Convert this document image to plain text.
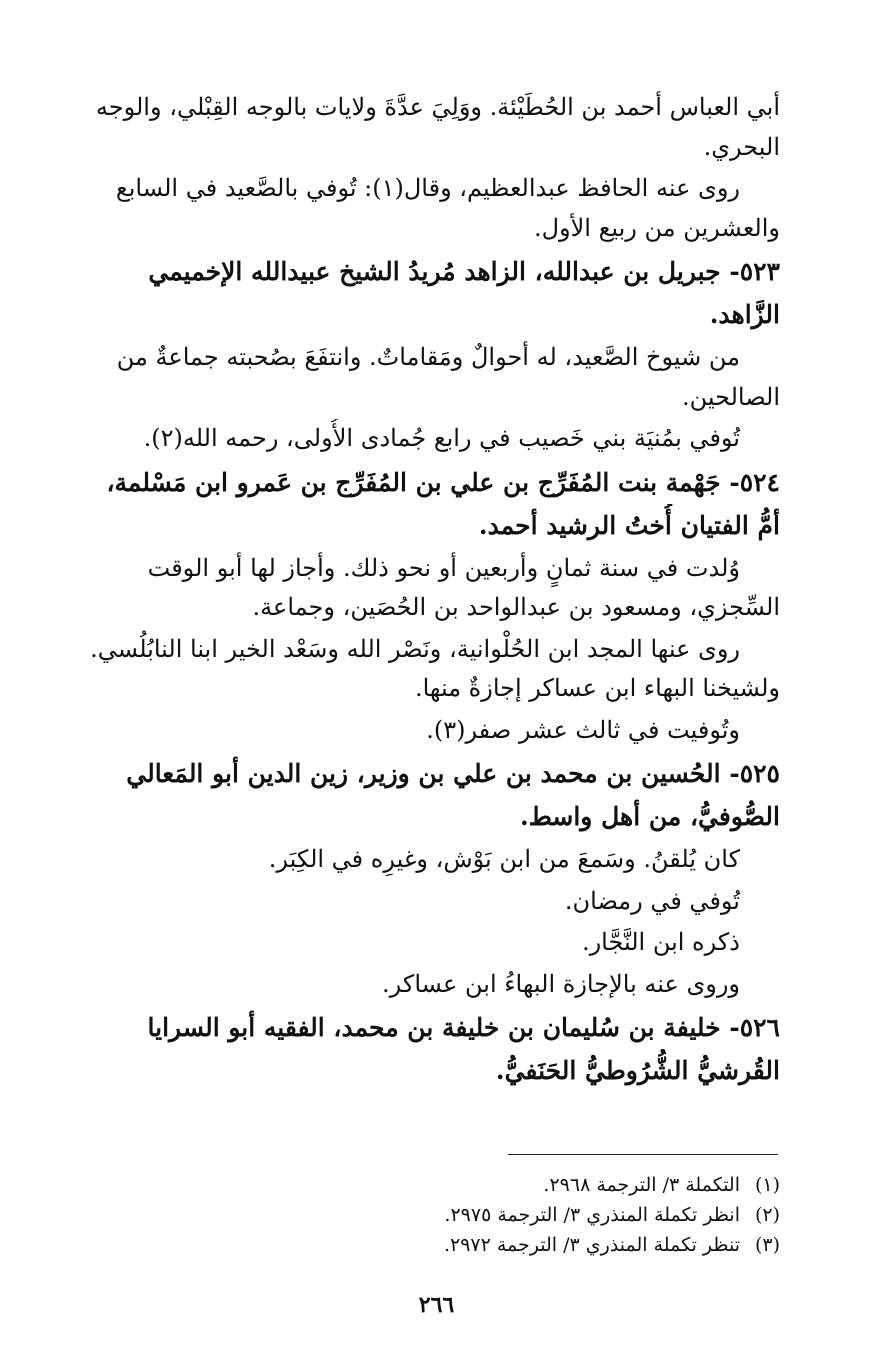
أبي العباس أحمد بن الحُطَيْئة. ووَلِيَ عدَّةَ ولايات بالوجه القِبْلي، والوجه

البحري.

روى عنه الحافظ عبدالعظيم، وقال(١): تُوفي بالصَّعيد في السابع

والعشرين من ربيع الأول.

٥٢٣- جبريل بن عبدالله، الزاهد مُريدُ الشيخ عبيدالله الإخميمي

الزَّاهد.

من شيوخ الصَّعيد، له أحوالٌ ومَقاماتٌ. وانتفَعَ بصُحبته جماعةٌ من

الصالحين.

تُوفي بمُنيَة بني خَصيب في رابع جُمادى الأُولى، رحمه الله(٢).

٥٢٤- جَهْمة بنت المُفَرِّج بن علي بن المُفَرِّج بن عَمرو ابن مَسْلمة،

أمُّ الفتيان أُختُ الرشيد أحمد.

وُلدت في سنة ثمانٍ وأربعين أو نحو ذلك. وأجاز لها أبو الوقت

السِّجزي، ومسعود بن عبدالواحد بن الحُصَين، وجماعة.

روى عنها المجد ابن الحُلْوانية، ونَصْر الله وسَعْد الخير ابنا النابُلُسي.

ولشيخنا البهاء ابن عساكر إجازةٌ منها.

وتُوفيت في ثالث عشر صفر(٣).

٥٢٥- الحُسين بن محمد بن علي بن وزير، زين الدين أبو المَعالي

الصُّوفيُّ، من أهل واسط.

كان يُلقنُ. وسَمعَ من ابن بَوْش، وغيرِه في الكِبَر.

تُوفي في رمضان.

ذكره ابن النَّجَّار.

وروى عنه بالإجازة البهاءُ ابن عساكر.

٥٢٦- خليفة بن سُليمان بن خليفة بن محمد، الفقيه أبو السرايا

القُرشيُّ الشُّرُوطيُّ الحَنَفيُّ.

(١)التكملة ٣/ الترجمة ٢٩٦٨.
(٢)انظر تكملة المنذري ٣/ الترجمة ٢٩٧٥.
(٣)تنظر تكملة المنذري ٣/ الترجمة ٢٩٧٢.
٢٦٦
